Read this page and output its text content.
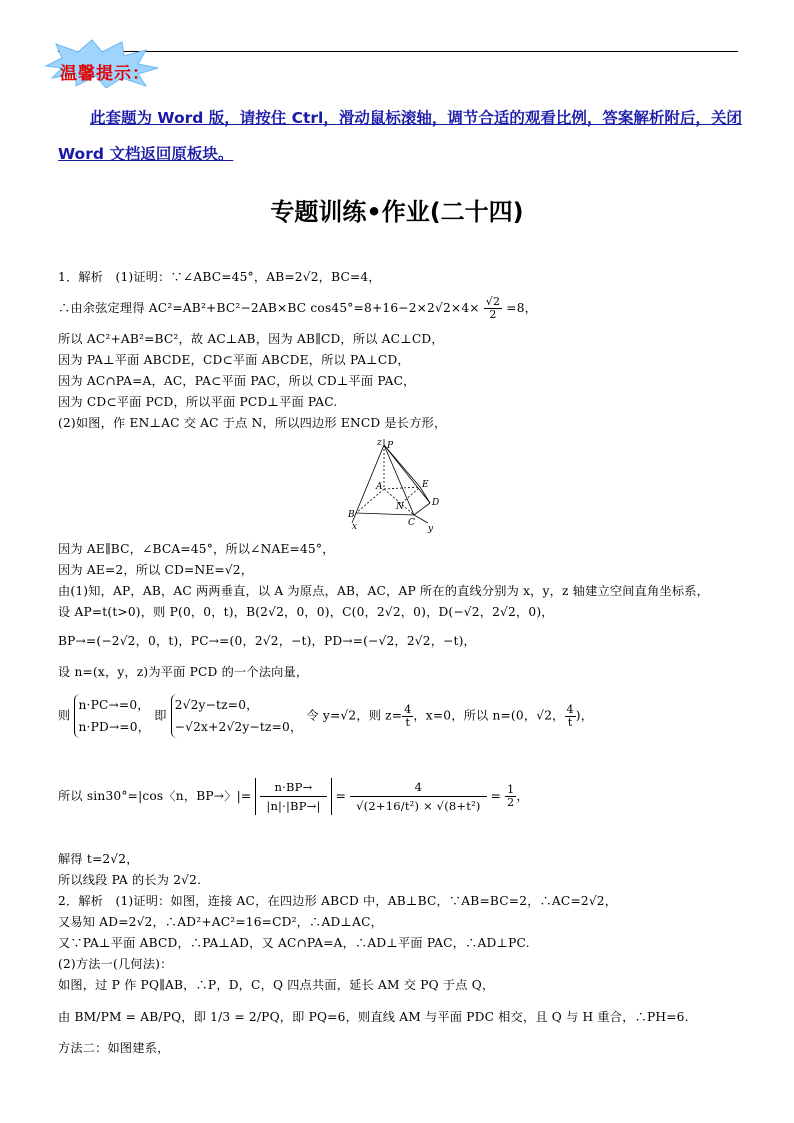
温馨提示：
此套题为 Word 版，请按住 Ctrl，滑动鼠标滚轴，调节合适的观看比例，答案解析附后，关闭 Word 文档返回原板块。
专题训练•作业(二十四)
1．解析　(1)证明：∵∠ABC=45°，AB=2√2，BC=4，
∴由余弦定理得 AC²=AB²+BC²−2AB×BC $\cos 45^\circ=8+16-2\times 2√2\times 4\times \frac{√2}{2} =8$，
所以 AC²+AB²=BC²，故 AC⊥AB，因为 AB∥CD，所以 AC⊥CD，
因为 PA⊥平面 ABCDE，CD⊂平面 ABCDE，所以 PA⊥CD，
因为 AC∩PA=A，AC，PA⊂平面 PAC，所以 CD⊥平面 PAC，
因为 CD⊂平面 PCD，所以平面 PCD⊥平面 PAC.
(2)如图，作 EN⊥AC 交 AC 于点 N，所以四边形 ENCD 是长方形，
z P
A	E
D
N
B
x	C
y
因为 AE∥BC，∠BCA=45°，所以∠NAE=45°，
因为 AE=2，所以 CD=NE=√2，
由(1)知，AP，AB，AC 两两垂直，以 A 为原点，AB，AC，AP 所在的直线分别为 x，y，z 轴建立空间直角坐标系，
设 AP=t(t>0)，则 P(0，0，t)，B(2√2，0，0)，C(0，2√2，0)，D(−√2，2√2，0)，
BP→=(−2√2，0，t)，PC→=(0，2√2，−t)，PD→=(−√2，2√2，−t)，
设 n=(x，y，z)为平面 PCD 的一个法向量，
则
n·PC→=0，
n·PD→=0，
即
2√2y−tz=0，
−√2x+2√2y−tz=0，
令 y=√2，则 $z= \frac{4}{t}$ ，x=0，所以 n=(0，√2， $\frac{4}{t}$ )，
所以 sin30°=|cos〈n，BP→〉|= $\frac{n\cdot BP\to}{|n|\cdot|BP\to|} = \frac{4}{\text{√(2+16/t²) × √(8+t²)}} = \frac{1}{2}$ ，
解得 t=2√2，
所以线段 PA 的长为 2√2.
2．解析　(1)证明：如图，连接 AC，在四边形 ABCD 中，AB⊥BC，∵AB=BC=2，∴AC=2√2，
又易知 AD=2√2，∴AD²+AC²=16=CD²，∴AD⊥AC，
又∵PA⊥平面 ABCD，∴PA⊥AD，又 AC∩PA=A，∴AD⊥平面 PAC，∴AD⊥PC.
(2)方法一(几何法)：
如图，过 P 作 PQ∥AB，∴P，D，C，Q 四点共面，延长 AM 交 PQ 于点 Q，
由 BM/PM = AB/PQ，即 1/3 = 2/PQ，即 PQ=6，则直线 AM 与平面 PDC 相交，且 Q 与 H 重合，∴PH=6.
方法二：如图建系，
